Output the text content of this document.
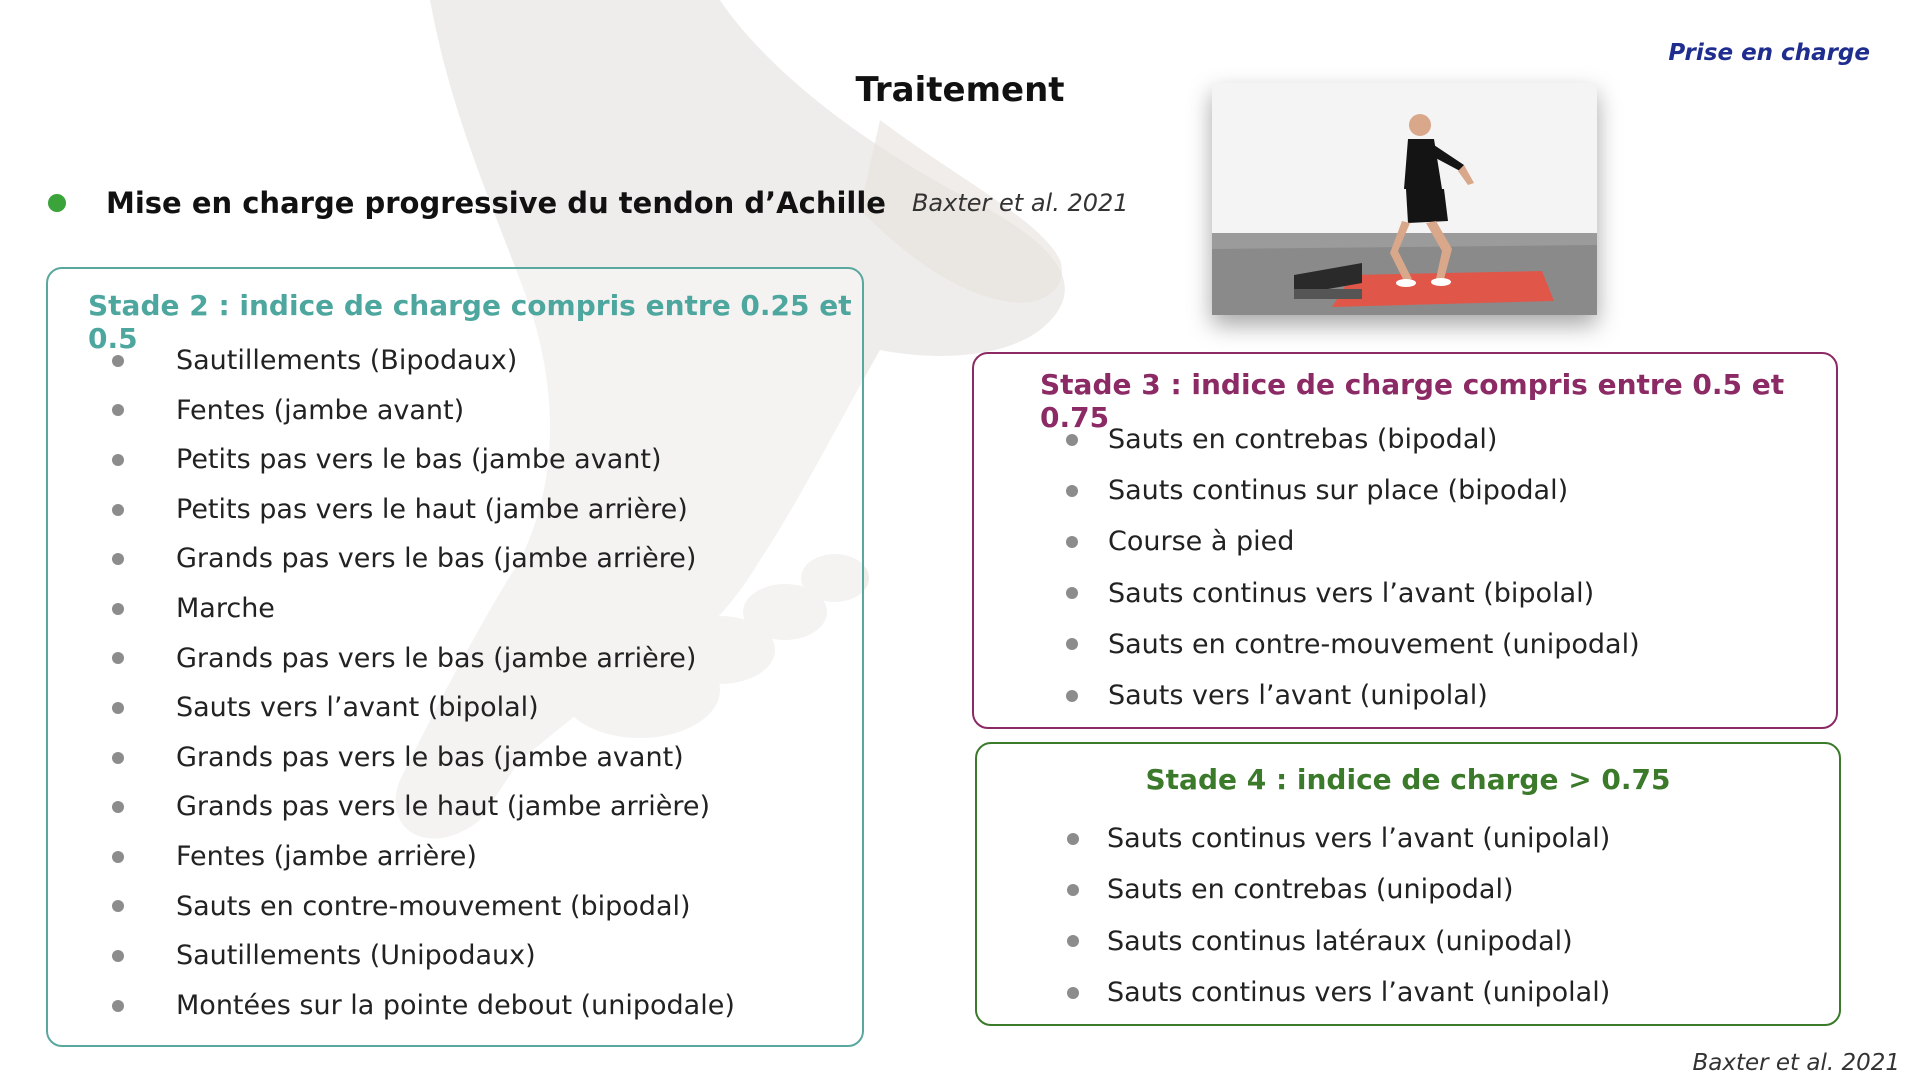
Prise en charge
Traitement
Mise en charge progressive du tendon d’Achille Baxter et al. 2021
Stade 2 : indice de charge compris entre 0.25 et 0.5
Sautillements (Bipodaux)
Fentes (jambe avant)
Petits pas vers le bas (jambe avant)
Petits pas vers le haut (jambe arrière)
Grands pas vers le bas (jambe arrière)
Marche
Grands pas vers le bas (jambe arrière)
Sauts vers l’avant (bipolal)
Grands pas vers le bas (jambe avant)
Grands pas vers le haut (jambe arrière)
Fentes (jambe arrière)
Sauts en contre-mouvement (bipodal)
Sautillements (Unipodaux)
Montées sur la pointe debout (unipodale)
Stade 3 : indice de charge compris entre 0.5 et 0.75
Sauts en contrebas (bipodal)
Sauts continus sur place (bipodal)
Course à pied
Sauts continus vers l’avant (bipolal)
Sauts en contre-mouvement (unipodal)
Sauts vers l’avant (unipolal)
Stade 4 : indice de charge > 0.75
Sauts continus vers l’avant (unipolal)
Sauts en contrebas (unipodal)
Sauts continus latéraux (unipodal)
Sauts continus vers l’avant (unipolal)
Baxter et al. 2021
